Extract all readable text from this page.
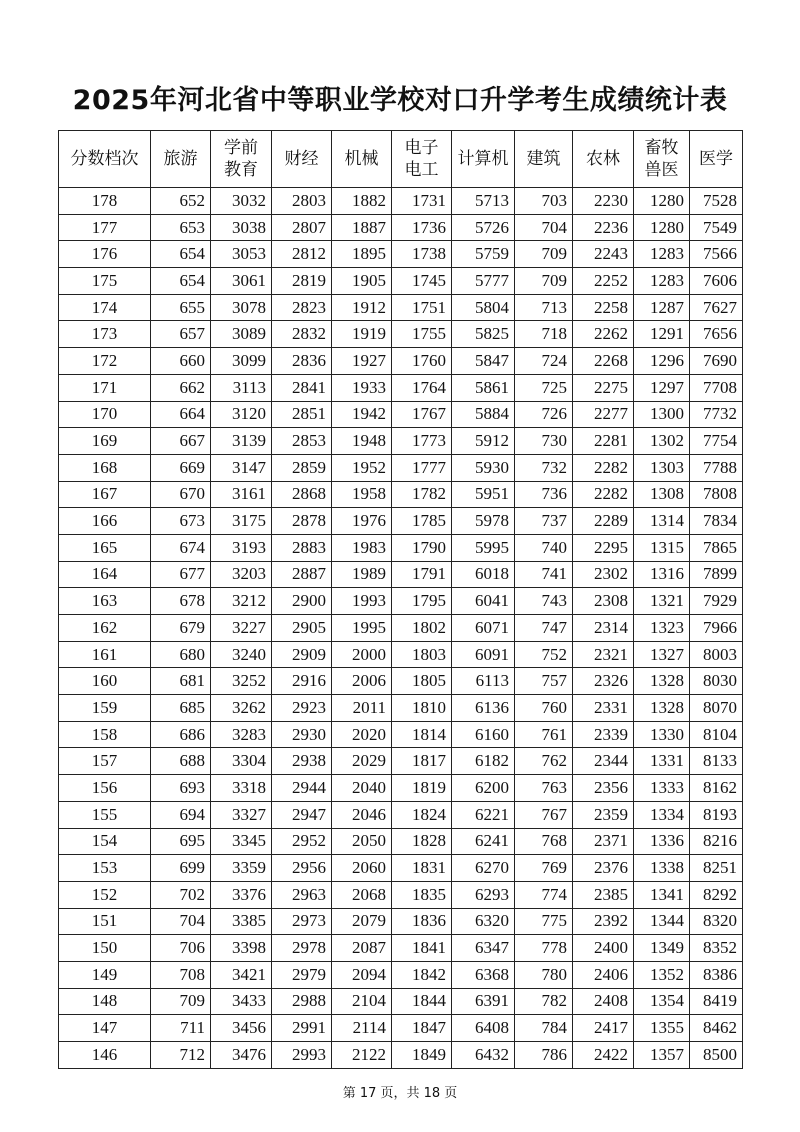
2025年河北省中等职业学校对口升学考生成绩统计表
分数档次	旅游	学前教育	财经	机械	电子电工	计算机	建筑	农林	畜牧兽医	医学
178	652	3032	2803	1882	1731	5713	703	2230	1280	7528
177	653	3038	2807	1887	1736	5726	704	2236	1280	7549
176	654	3053	2812	1895	1738	5759	709	2243	1283	7566
175	654	3061	2819	1905	1745	5777	709	2252	1283	7606
174	655	3078	2823	1912	1751	5804	713	2258	1287	7627
173	657	3089	2832	1919	1755	5825	718	2262	1291	7656
172	660	3099	2836	1927	1760	5847	724	2268	1296	7690
171	662	3113	2841	1933	1764	5861	725	2275	1297	7708
170	664	3120	2851	1942	1767	5884	726	2277	1300	7732
169	667	3139	2853	1948	1773	5912	730	2281	1302	7754
168	669	3147	2859	1952	1777	5930	732	2282	1303	7788
167	670	3161	2868	1958	1782	5951	736	2282	1308	7808
166	673	3175	2878	1976	1785	5978	737	2289	1314	7834
165	674	3193	2883	1983	1790	5995	740	2295	1315	7865
164	677	3203	2887	1989	1791	6018	741	2302	1316	7899
163	678	3212	2900	1993	1795	6041	743	2308	1321	7929
162	679	3227	2905	1995	1802	6071	747	2314	1323	7966
161	680	3240	2909	2000	1803	6091	752	2321	1327	8003
160	681	3252	2916	2006	1805	6113	757	2326	1328	8030
159	685	3262	2923	2011	1810	6136	760	2331	1328	8070
158	686	3283	2930	2020	1814	6160	761	2339	1330	8104
157	688	3304	2938	2029	1817	6182	762	2344	1331	8133
156	693	3318	2944	2040	1819	6200	763	2356	1333	8162
155	694	3327	2947	2046	1824	6221	767	2359	1334	8193
154	695	3345	2952	2050	1828	6241	768	2371	1336	8216
153	699	3359	2956	2060	1831	6270	769	2376	1338	8251
152	702	3376	2963	2068	1835	6293	774	2385	1341	8292
151	704	3385	2973	2079	1836	6320	775	2392	1344	8320
150	706	3398	2978	2087	1841	6347	778	2400	1349	8352
149	708	3421	2979	2094	1842	6368	780	2406	1352	8386
148	709	3433	2988	2104	1844	6391	782	2408	1354	8419
147	711	3456	2991	2114	1847	6408	784	2417	1355	8462
146	712	3476	2993	2122	1849	6432	786	2422	1357	8500
第 17 页，共 18 页
